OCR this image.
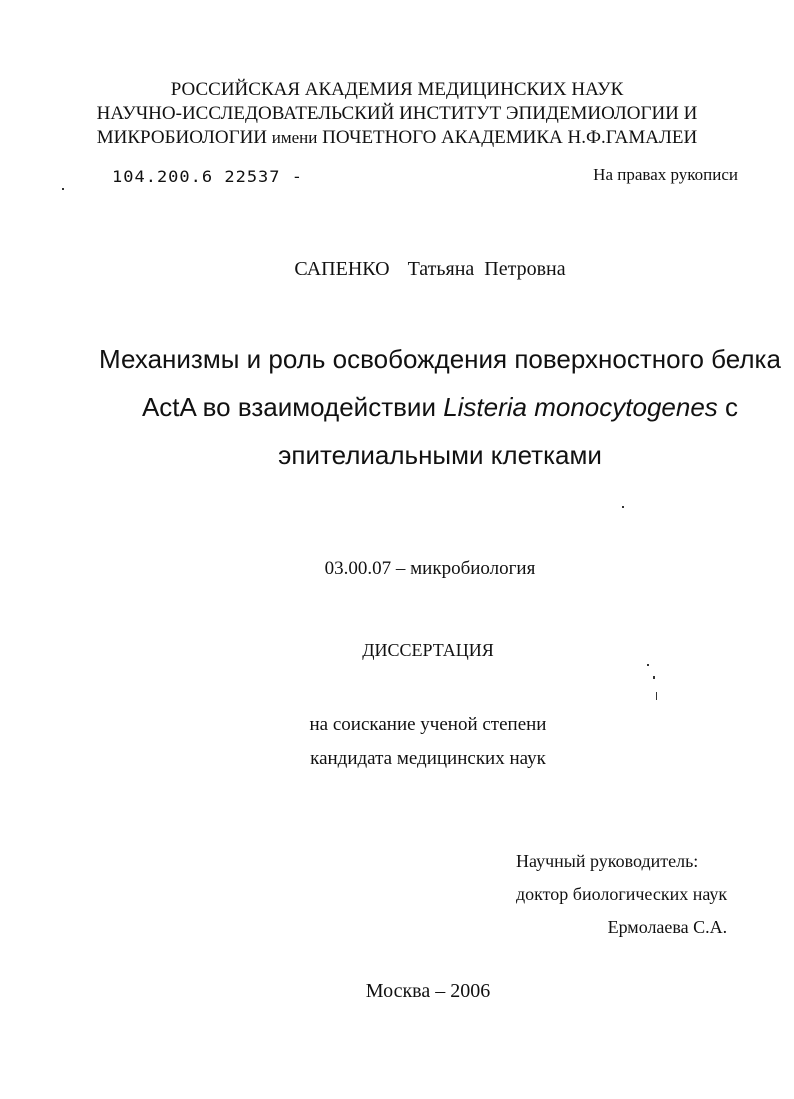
РОССИЙСКАЯ АКАДЕМИЯ МЕДИЦИНСКИХ НАУК
НАУЧНО-ИССЛЕДОВАТЕЛЬСКИЙ ИНСТИТУТ ЭПИДЕМИОЛОГИИ И
МИКРОБИОЛОГИИ имени ПОЧЕТНОГО АКАДЕМИКА Н.Ф.ГАМАЛЕИ
104.200.6 22537 -	На правах рукописи
САПЕНКО Татьяна  Петровна
Механизмы и роль освобождения поверхностного белка ActA во взаимодействии Listeria monocytogenes с эпителиальными клетками
03.00.07 – микробиология
ДИССЕРТАЦИЯ
на соискание ученой степени
кандидата медицинских наук
Научный руководитель:
доктор биологических наук
Ермолаева С.А.
Москва – 2006
